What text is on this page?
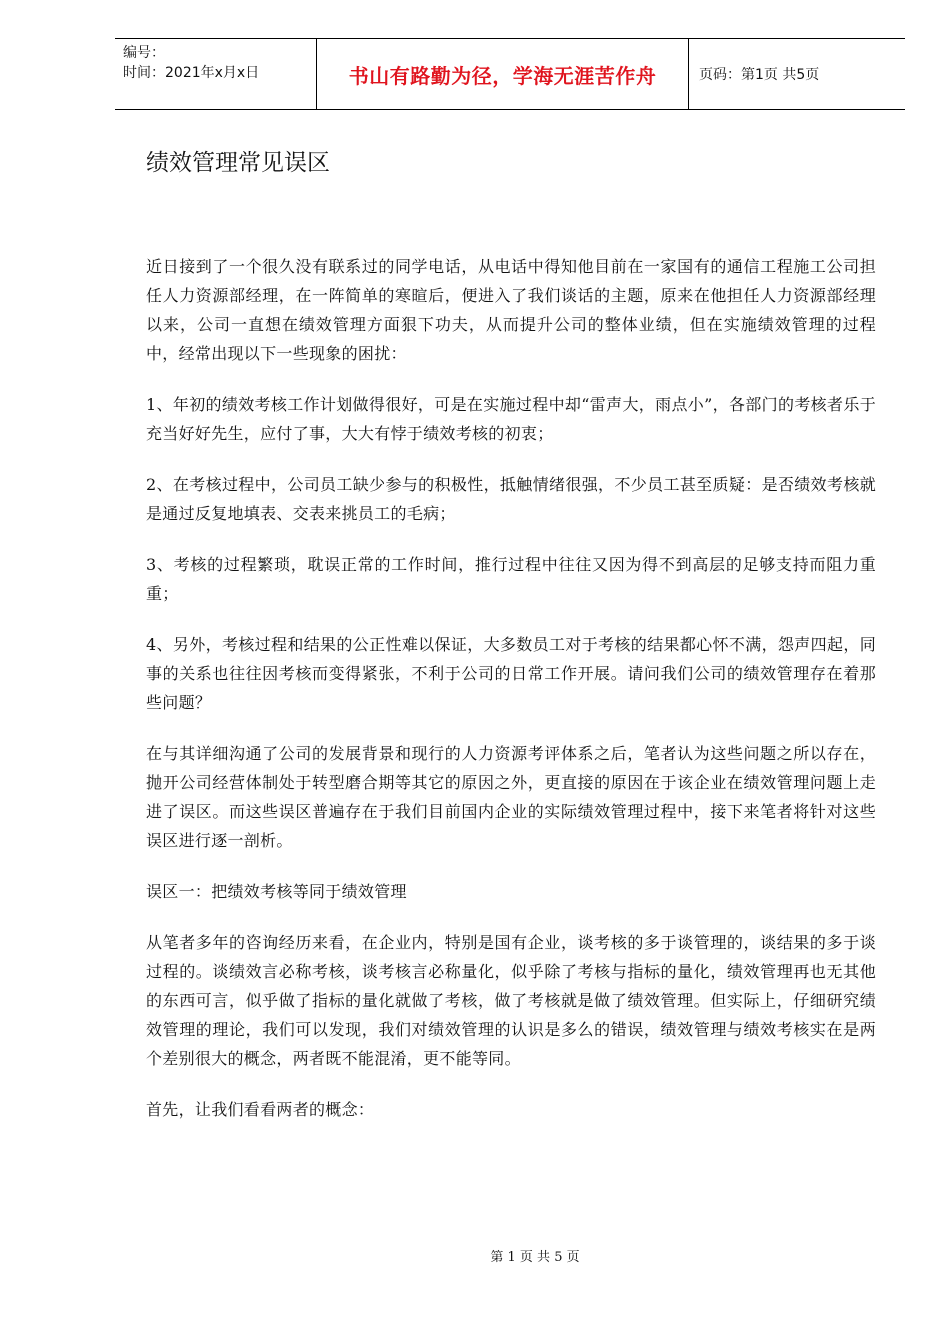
编号：
时间：2021年x月x日	书山有路勤为径，学海无涯苦作舟	页码：第1页 共5页
绩效管理常见误区

近日接到了一个很久没有联系过的同学电话，从电话中得知他目前在一家国有的通信工程施工公司担任人力资源部经理，在一阵简单的寒暄后，便进入了我们谈话的主题，原来在他担任人力资源部经理以来，公司一直想在绩效管理方面狠下功夫，从而提升公司的整体业绩，但在实施绩效管理的过程中，经常出现以下一些现象的困扰：

1、年初的绩效考核工作计划做得很好，可是在实施过程中却“雷声大，雨点小”，各部门的考核者乐于充当好好先生，应付了事，大大有悖于绩效考核的初衷；

2、在考核过程中，公司员工缺少参与的积极性，抵触情绪很强，不少员工甚至质疑：是否绩效考核就是通过反复地填表、交表来挑员工的毛病；

3、考核的过程繁琐，耽误正常的工作时间，推行过程中往往又因为得不到高层的足够支持而阻力重重；

4、另外，考核过程和结果的公正性难以保证，大多数员工对于考核的结果都心怀不满，怨声四起，同事的关系也往往因考核而变得紧张，不利于公司的日常工作开展。请问我们公司的绩效管理存在着那些问题？

在与其详细沟通了公司的发展背景和现行的人力资源考评体系之后，笔者认为这些问题之所以存在，抛开公司经营体制处于转型磨合期等其它的原因之外，更直接的原因在于该企业在绩效管理问题上走进了误区。而这些误区普遍存在于我们目前国内企业的实际绩效管理过程中，接下来笔者将针对这些误区进行逐一剖析。

误区一：把绩效考核等同于绩效管理

从笔者多年的咨询经历来看，在企业内，特别是国有企业，谈考核的多于谈管理的，谈结果的多于谈过程的。谈绩效言必称考核，谈考核言必称量化，似乎除了考核与指标的量化，绩效管理再也无其他的东西可言，似乎做了指标的量化就做了考核，做了考核就是做了绩效管理。但实际上，仔细研究绩效管理的理论，我们可以发现，我们对绩效管理的认识是多么的错误，绩效管理与绩效考核实在是两个差别很大的概念，两者既不能混淆，更不能等同。

首先，让我们看看两者的概念：

第 1 页 共 5 页
